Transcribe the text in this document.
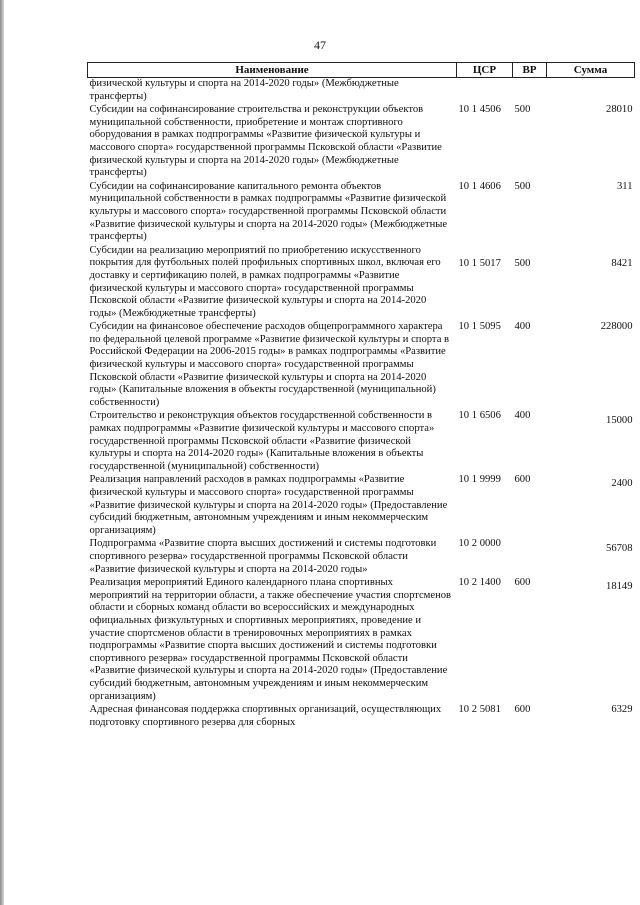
47
Наименование	ЦСР	ВР	Сумма
физической культуры и спорта на 2014-2020 годы» (Межбюджетные трансферты)			
Субсидии на софинансирование строительства и реконструкции объектов муниципальной собственности, приобретение и монтаж спортивного оборудования в рамках подпрограммы «Развитие физической культуры и массового спорта» государственной программы Псковской области «Развитие физической культуры и спорта на 2014-2020 годы» (Межбюджетные трансферты)	10 1 4506	500	28010
Субсидии на софинансирование капитального ремонта объектов муниципальной собственности в рамках подпрограммы «Развитие физической культуры и массового спорта» государственной программы Псковской области «Развитие физической культуры и спорта на 2014-2020 годы» (Межбюджетные трансферты)	10 1 4606	500	311
Субсидии на реализацию мероприятий по приобретению искусственного покрытия для футбольных полей профильных спортивных школ, включая его доставку и сертификацию полей, в рамках подпрограммы «Развитие физической культуры и массового спорта» государственной программы Псковской области «Развитие физической культуры и спорта на 2014-2020 годы» (Межбюджетные трансферты)	10 1 5017	500	8421
Субсидии на финансовое обеспечение расходов общепрограммного характера по федеральной целевой программе «Развитие физической культуры и спорта в Российской Федерации на 2006-2015 годы» в рамках подпрограммы «Развитие физической культуры и массового спорта» государственной программы Псковской области «Развитие физической культуры и спорта на 2014-2020 годы» (Капитальные вложения в объекты государственной (муниципальной) собственности)	10 1 5095	400	228000
Строительство и реконструкция объектов государственной собственности в рамках подпрограммы «Развитие физической культуры и массового спорта» государственной программы Псковской области «Развитие физической культуры и спорта на 2014-2020 годы» (Капитальные вложения в объекты государственной (муниципальной) собственности)	10 1 6506	400	15000
Реализация направлений расходов в рамках подпрограммы «Развитие физической культуры и массового спорта» государственной программы «Развитие физической культуры и спорта на 2014-2020 годы» (Предоставление субсидий бюджетным, автономным учреждениям и иным некоммерческим организациям)	10 1 9999	600	2400
Подпрограмма «Развитие спорта высших достижений и системы подготовки спортивного резерва» государственной программы Псковской области «Развитие физической культуры и спорта на 2014-2020 годы»	10 2 0000		56708
Реализация мероприятий Единого календарного плана спортивных мероприятий на территории области, а также обеспечение участия спортсменов области и сборных команд области во всероссийских и международных официальных физкультурных и спортивных мероприятиях, проведение и участие спортсменов области в тренировочных мероприятиях в рамках подпрограммы «Развитие спорта высших достижений и системы подготовки спортивного резерва» государственной программы Псковской области «Развитие физической культуры и спорта на 2014-2020 годы» (Предоставление субсидий бюджетным, автономным учреждениям и иным некоммерческим организациям)	10 2 1400	600	18149
Адресная финансовая поддержка спортивных организаций, осуществляющих подготовку спортивного резерва для сборных	10 2 5081	600	6329
